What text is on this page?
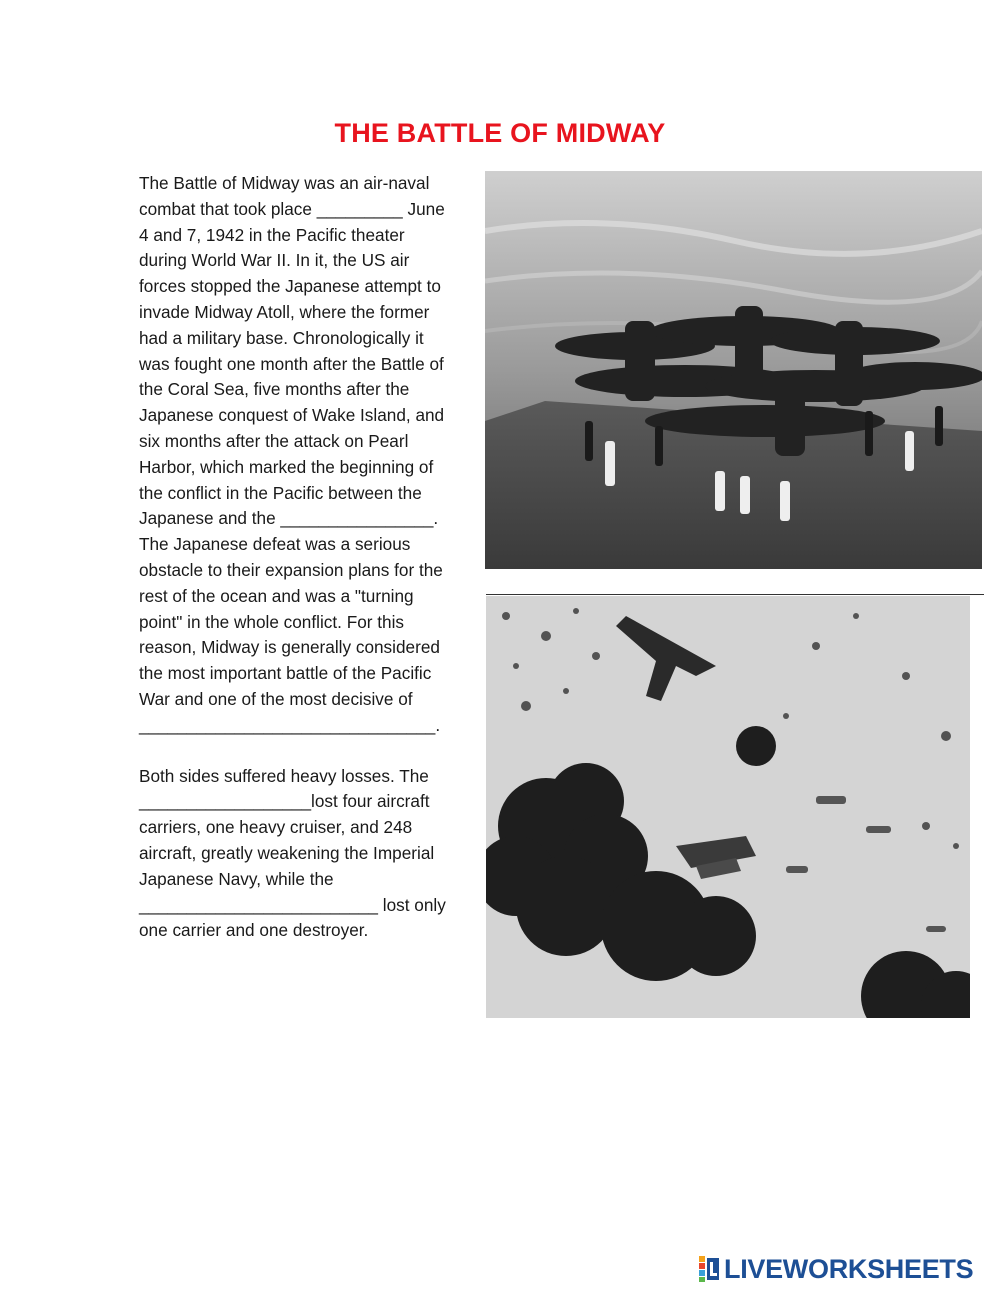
THE BATTLE OF MIDWAY

The Battle of Midway was an air-naval
combat that took place _________ June
4 and 7, 1942 in the Pacific theater
during World War II. In it, the US air
forces stopped the Japanese attempt to
invade Midway Atoll, where the former
had a military base. Chronologically it
was fought one month after the Battle of
the Coral Sea, five months after the
Japanese conquest of Wake Island, and
six months after the attack on Pearl
Harbor, which marked the beginning of
the conflict in the Pacific between the
Japanese and the ________________.
The Japanese defeat was a serious
obstacle to their expansion plans for the
rest of the ocean and was a "turning
point" in the whole conflict. For this
reason, Midway is generally considered
the most important battle of the Pacific
War and one of the most decisive of
_______________________________.

Both sides suffered heavy losses. The
__________________lost four aircraft
carriers, one heavy cruiser, and 248
aircraft, greatly weakening the Imperial
Japanese Navy, while the
_________________________ lost only
one carrier and one destroyer.

LIVEWORKSHEETS
